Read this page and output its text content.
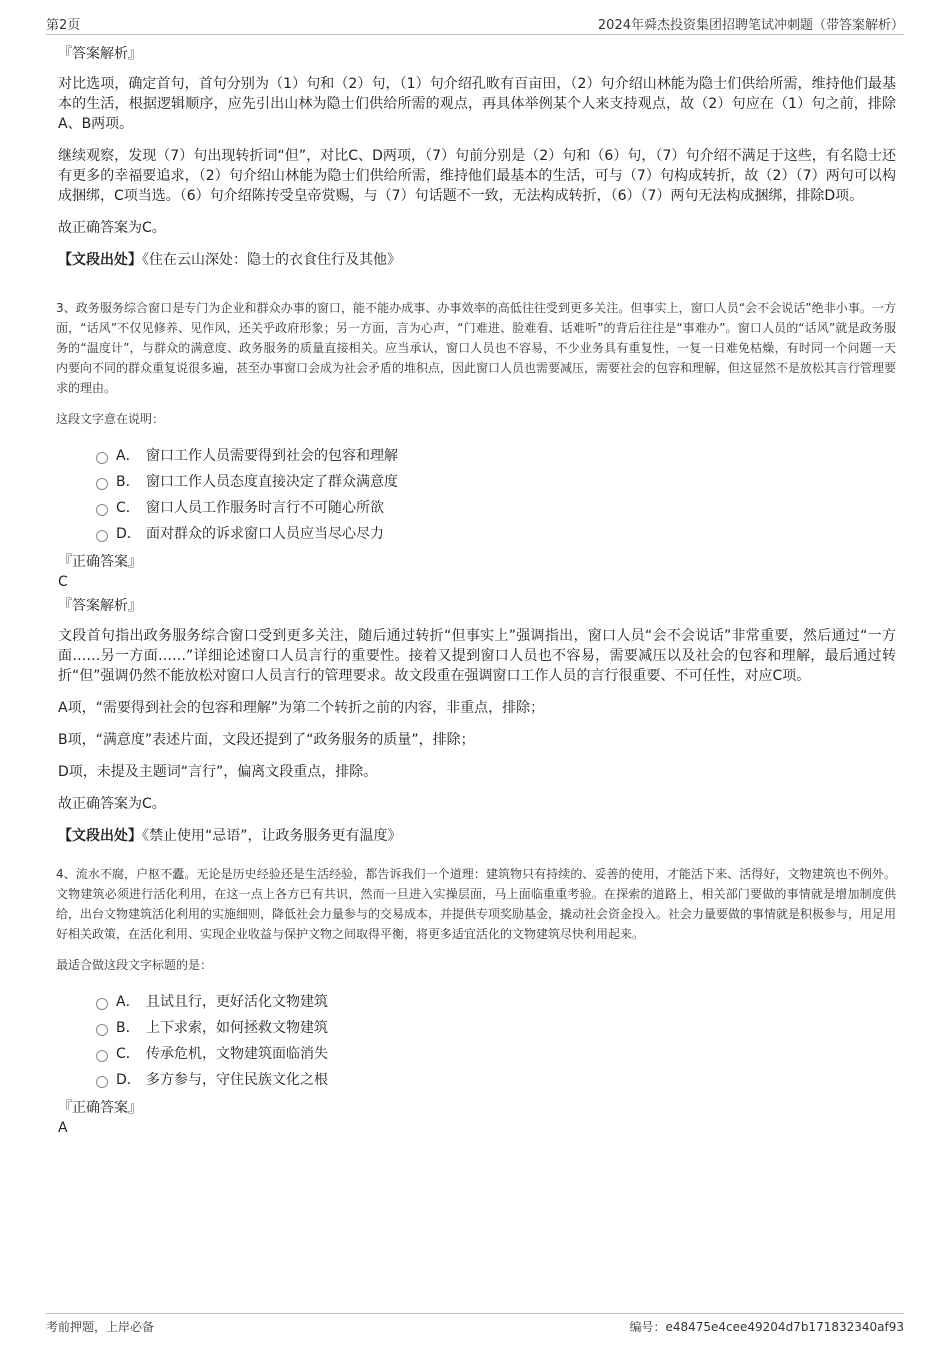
第2页	2024年舜杰投资集团招聘笔试冲刺题（带答案解析）
『答案解析』

对比选项，确定首句，首句分别为（1）句和（2）句，（1）句介绍孔畋有百亩田，（2）句介绍山林能为隐士们供给所需，维持他们最基本的生活，根据逻辑顺序，应先引出山林为隐士们供给所需的观点，再具体举例某个人来支持观点，故（2）句应在（1）句之前，排除A、B两项。

继续观察，发现（7）句出现转折词“但”，对比C、D两项，（7）句前分别是（2）句和（6）句，（7）句介绍不满足于这些，有名隐士还有更多的幸福要追求，（2）句介绍山林能为隐士们供给所需，维持他们最基本的生活，可与（7）句构成转折，故（2）（7）两句可以构成捆绑，C项当选。（6）句介绍陈抟受皇帝赏赐，与（7）句话题不一致，无法构成转折，（6）（7）两句无法构成捆绑，排除D项。

故正确答案为C。

【文段出处】《住在云山深处：隐士的衣食住行及其他》

3、政务服务综合窗口是专门为企业和群众办事的窗口，能不能办成事、办事效率的高低往往受到更多关注。但事实上，窗口人员“会不会说话”绝非小事。一方面，“话风”不仅见修养、见作风，还关乎政府形象；另一方面，言为心声，“门难进、脸难看、话难听”的背后往往是“事难办”。窗口人员的“话风”就是政务服务的“温度计”，与群众的满意度、政务服务的质量直接相关。应当承认，窗口人员也不容易，不少业务具有重复性，一复一日难免枯燥，有时同一个问题一天内要向不同的群众重复说很多遍，甚至办事窗口会成为社会矛盾的堆积点，因此窗口人员也需要减压，需要社会的包容和理解，但这显然不是放松其言行管理要求的理由。

这段文字意在说明：
A． 窗口工作人员需要得到社会的包容和理解
B． 窗口工作人员态度直接决定了群众满意度
C． 窗口人员工作服务时言行不可随心所欲
D． 面对群众的诉求窗口人员应当尽心尽力
『正确答案』
C
『答案解析』

文段首句指出政务服务综合窗口受到更多关注，随后通过转折“但事实上”强调指出，窗口人员“会不会说话”非常重要，然后通过“一方面……另一方面……”详细论述窗口人员言行的重要性。接着又提到窗口人员也不容易，需要减压以及社会的包容和理解，最后通过转折“但”强调仍然不能放松对窗口人员言行的管理要求。故文段重在强调窗口工作人员的言行很重要、不可任性，对应C项。

A项，“需要得到社会的包容和理解”为第二个转折之前的内容，非重点，排除；

B项，“满意度”表述片面，文段还提到了“政务服务的质量”，排除；

D项，未提及主题词“言行”，偏离文段重点，排除。

故正确答案为C。

【文段出处】《禁止使用“忌语”，让政务服务更有温度》

4、流水不腐，户枢不蠹。无论是历史经验还是生活经验，都告诉我们一个道理：建筑物只有持续的、妥善的使用，才能活下来、活得好，文物建筑也不例外。文物建筑必须进行活化利用，在这一点上各方已有共识，然而一旦进入实操层面，马上面临重重考验。在探索的道路上，相关部门要做的事情就是增加制度供给，出台文物建筑活化利用的实施细则，降低社会力量参与的交易成本，并提供专项奖励基金，撬动社会资金投入。社会力量要做的事情就是积极参与，用足用好相关政策，在活化利用、实现企业收益与保护文物之间取得平衡，将更多适宜活化的文物建筑尽快利用起来。

最适合做这段文字标题的是：
A． 且试且行，更好活化文物建筑
B． 上下求索，如何拯救文物建筑
C． 传承危机，文物建筑面临消失
D． 多方参与，守住民族文化之根
『正确答案』
A
考前押题，上岸必备	编号：e48475e4cee49204d7b171832340af93
